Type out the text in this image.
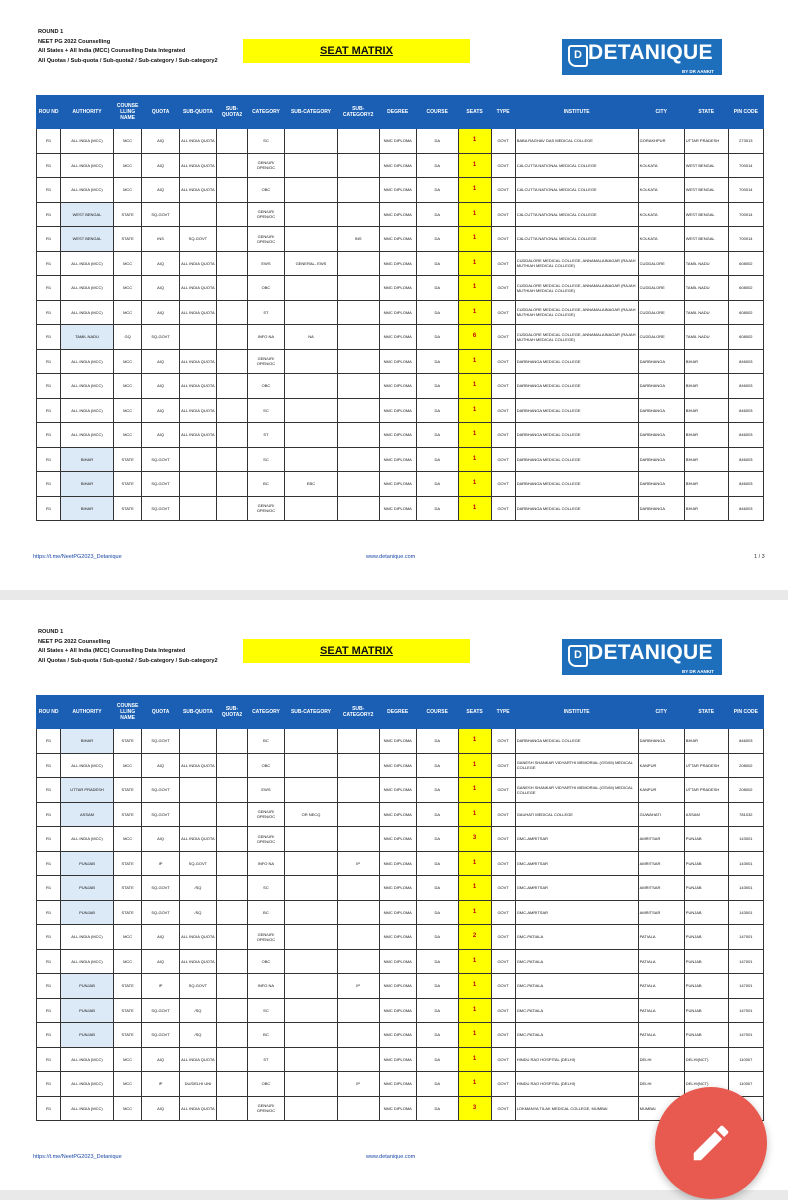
ROUND 1
NEET PG 2022 Counselling
All States + All India (MCC) Counselling Data Integrated
All Quotas / Sub-quota / Sub-quota2 / Sub-category / Sub-category2
SEAT MATRIX	D DETANIQUE
BY DR AANKIT
ROU ND	AUTHORITY	COUNSE LLING NAME	QUOTA	SUB-QUOTA	SUB-QUOTA2	CATEGORY	SUB-CATEGORY	SUB-CATEGORY2	DEGREE	COURSE	SEATS	TYPE	INSTITUTE	CITY	STATE	PIN CODE
R1	ALL INDIA (MCC)	MCC	AIQ	ALL INDIA QUOTA		SC			NMC DIPLOMA	DA	1	GOVT	BABA RAGHAV DAS MEDICAL COLLEGE	GORAKHPUR	UTTAR PRADESH	273013
R1	ALL INDIA (MCC)	MCC	AIQ	ALL INDIA QUOTA		GEN/UR/ OPEN/OC			NMC DIPLOMA	DA	1	GOVT	CALCUTTA NATIONAL MEDICAL COLLEGE	KOLKATA	WEST BENGAL	700014
R1	ALL INDIA (MCC)	MCC	AIQ	ALL INDIA QUOTA		OBC			NMC DIPLOMA	DA	1	GOVT	CALCUTTA NATIONAL MEDICAL COLLEGE	KOLKATA	WEST BENGAL	700014
R1	WEST BENGAL	STATE	SQ-GOVT			GEN/UR/ OPEN/OC			NMC DIPLOMA	DA	1	GOVT	CALCUTTA NATIONAL MEDICAL COLLEGE	KOLKATA	WEST BENGAL	700014
R1	WEST BENGAL	STATE	INS	SQ-GOVT		GEN/UR/ OPEN/OC		INS	NMC DIPLOMA	DA	1	GOVT	CALCUTTA NATIONAL MEDICAL COLLEGE	KOLKATA	WEST BENGAL	700014
R1	ALL INDIA (MCC)	MCC	AIQ	ALL INDIA QUOTA		EWS	GENERAL- EWS		NMC DIPLOMA	DA	1	GOVT	CUDDALORE MEDICAL COLLEGE, ANNAMALAINAGAR (RAJAH MUTHIAH MEDICAL COLLEGE)	CUDDALORE	TAMIL NADU	608002
R1	ALL INDIA (MCC)	MCC	AIQ	ALL INDIA QUOTA		OBC			NMC DIPLOMA	DA	1	GOVT	CUDDALORE MEDICAL COLLEGE, ANNAMALAINAGAR (RAJAH MUTHIAH MEDICAL COLLEGE)	CUDDALORE	TAMIL NADU	608002
R1	ALL INDIA (MCC)	MCC	AIQ	ALL INDIA QUOTA		ST			NMC DIPLOMA	DA	1	GOVT	CUDDALORE MEDICAL COLLEGE, ANNAMALAINAGAR (RAJAH MUTHIAH MEDICAL COLLEGE)	CUDDALORE	TAMIL NADU	608002
R1	TAMIL NADU	GQ	SQ-GOVT			INFO NA	NA		NMC DIPLOMA	DA	6	GOVT	CUDDALORE MEDICAL COLLEGE, ANNAMALAINAGAR (RAJAH MUTHIAH MEDICAL COLLEGE)	CUDDALORE	TAMIL NADU	608002
R1	ALL INDIA (MCC)	MCC	AIQ	ALL INDIA QUOTA		GEN/UR/ OPEN/OC			NMC DIPLOMA	DA	1	GOVT	DARBHANGA MEDICAL COLLEGE	DARBHANGA	BIHAR	846003
R1	ALL INDIA (MCC)	MCC	AIQ	ALL INDIA QUOTA		OBC			NMC DIPLOMA	DA	1	GOVT	DARBHANGA MEDICAL COLLEGE	DARBHANGA	BIHAR	846003
R1	ALL INDIA (MCC)	MCC	AIQ	ALL INDIA QUOTA		SC			NMC DIPLOMA	DA	1	GOVT	DARBHANGA MEDICAL COLLEGE	DARBHANGA	BIHAR	846003
R1	ALL INDIA (MCC)	MCC	AIQ	ALL INDIA QUOTA		ST			NMC DIPLOMA	DA	1	GOVT	DARBHANGA MEDICAL COLLEGE	DARBHANGA	BIHAR	846003
R1	BIHAR	STATE	SQ-GOVT			SC			NMC DIPLOMA	DA	1	GOVT	DARBHANGA MEDICAL COLLEGE	DARBHANGA	BIHAR	846003
R1	BIHAR	STATE	SQ-GOVT			BC	EBC		NMC DIPLOMA	DA	1	GOVT	DARBHANGA MEDICAL COLLEGE	DARBHANGA	BIHAR	846003
R1	BIHAR	STATE	SQ-GOVT			GEN/UR/ OPEN/OC			NMC DIPLOMA	DA	1	GOVT	DARBHANGA MEDICAL COLLEGE	DARBHANGA	BIHAR	846003
https://t.me/NeetPG2023_Detanique	www.detanique.com	1 / 3
ROUND 1
NEET PG 2022 Counselling
All States + All India (MCC) Counselling Data Integrated
All Quotas / Sub-quota / Sub-quota2 / Sub-category / Sub-category2
SEAT MATRIX	D DETANIQUE
BY DR AANKIT
ROU ND	AUTHORITY	COUNSE LLING NAME	QUOTA	SUB-QUOTA	SUB-QUOTA2	CATEGORY	SUB-CATEGORY	SUB-CATEGORY2	DEGREE	COURSE	SEATS	TYPE	INSTITUTE	CITY	STATE	PIN CODE
R1	BIHAR	STATE	SQ-GOVT			BC			NMC DIPLOMA	DA	1	GOVT	DARBHANGA MEDICAL COLLEGE	DARBHANGA	BIHAR	846003
R1	ALL INDIA (MCC)	MCC	AIQ	ALL INDIA QUOTA		OBC			NMC DIPLOMA	DA	1	GOVT	GANESH SHANKAR VIDYARTHI MEMORIAL (GSVM) MEDICAL COLLEGE	KANPUR	UTTAR PRADESH	208002
R1	UTTAR PRADESH	STATE	SQ-GOVT			EWS			NMC DIPLOMA	DA	1	GOVT	GANESH SHANKAR VIDYARTHI MEMORIAL (GSVM) MEDICAL COLLEGE	KANPUR	UTTAR PRADESH	208002
R1	ASSAM	STATE	SQ-GOVT			GEN/UR/ OPEN/OC	OR NECQ		NMC DIPLOMA	DA	1	GOVT	GAUHATI MEDICAL COLLEGE	GUWAHATI	ASSAM	781032
R1	ALL INDIA (MCC)	MCC	AIQ	ALL INDIA QUOTA		GEN/UR/ OPEN/OC			NMC DIPLOMA	DA	3	GOVT	GMC-AMRITSAR	AMRITSAR	PUNJAB	143001
R1	PUNJAB	STATE	IP	SQ-GOVT		INFO NA		IP	NMC DIPLOMA	DA	1	GOVT	GMC-AMRITSAR	AMRITSAR	PUNJAB	143001
R1	PUNJAB	STATE	SQ-GOVT	/SQ		SC			NMC DIPLOMA	DA	1	GOVT	GMC-AMRITSAR	AMRITSAR	PUNJAB	143001
R1	PUNJAB	STATE	SQ-GOVT	/SQ		BC			NMC DIPLOMA	DA	1	GOVT	GMC-AMRITSAR	AMRITSAR	PUNJAB	143001
R1	ALL INDIA (MCC)	MCC	AIQ	ALL INDIA QUOTA		GEN/UR/ OPEN/OC			NMC DIPLOMA	DA	2	GOVT	GMC-PATIALA	PATIALA	PUNJAB	147001
R1	ALL INDIA (MCC)	MCC	AIQ	ALL INDIA QUOTA		OBC			NMC DIPLOMA	DA	1	GOVT	GMC-PATIALA	PATIALA	PUNJAB	147001
R1	PUNJAB	STATE	IP	SQ-GOVT		INFO NA		IP	NMC DIPLOMA	DA	1	GOVT	GMC-PATIALA	PATIALA	PUNJAB	147001
R1	PUNJAB	STATE	SQ-GOVT	/SQ		SC			NMC DIPLOMA	DA	1	GOVT	GMC-PATIALA	PATIALA	PUNJAB	147001
R1	PUNJAB	STATE	SQ-GOVT	/SQ		BC			NMC DIPLOMA	DA	1	GOVT	GMC-PATIALA	PATIALA	PUNJAB	147001
R1	ALL INDIA (MCC)	MCC	AIQ	ALL INDIA QUOTA		ST			NMC DIPLOMA	DA	1	GOVT	HINDU RAO HOSPITAL (DELHI)	DELHI	DELHI(NCT)	110007
R1	ALL INDIA (MCC)	MCC	IP	DU/DELHI UNI		OBC		IP	NMC DIPLOMA	DA	1	GOVT	HINDU RAO HOSPITAL (DELHI)	DELHI	DELHI(NCT)	110007
R1	ALL INDIA (MCC)	MCC	AIQ	ALL INDIA QUOTA		GEN/UR/ OPEN/OC			NMC DIPLOMA	DA	3	GOVT	LOKMANYA TILAK MEDICAL COLLEGE, MUMBAI	MUMBAI		
https://t.me/NeetPG2023_Detanique	www.detanique.com
